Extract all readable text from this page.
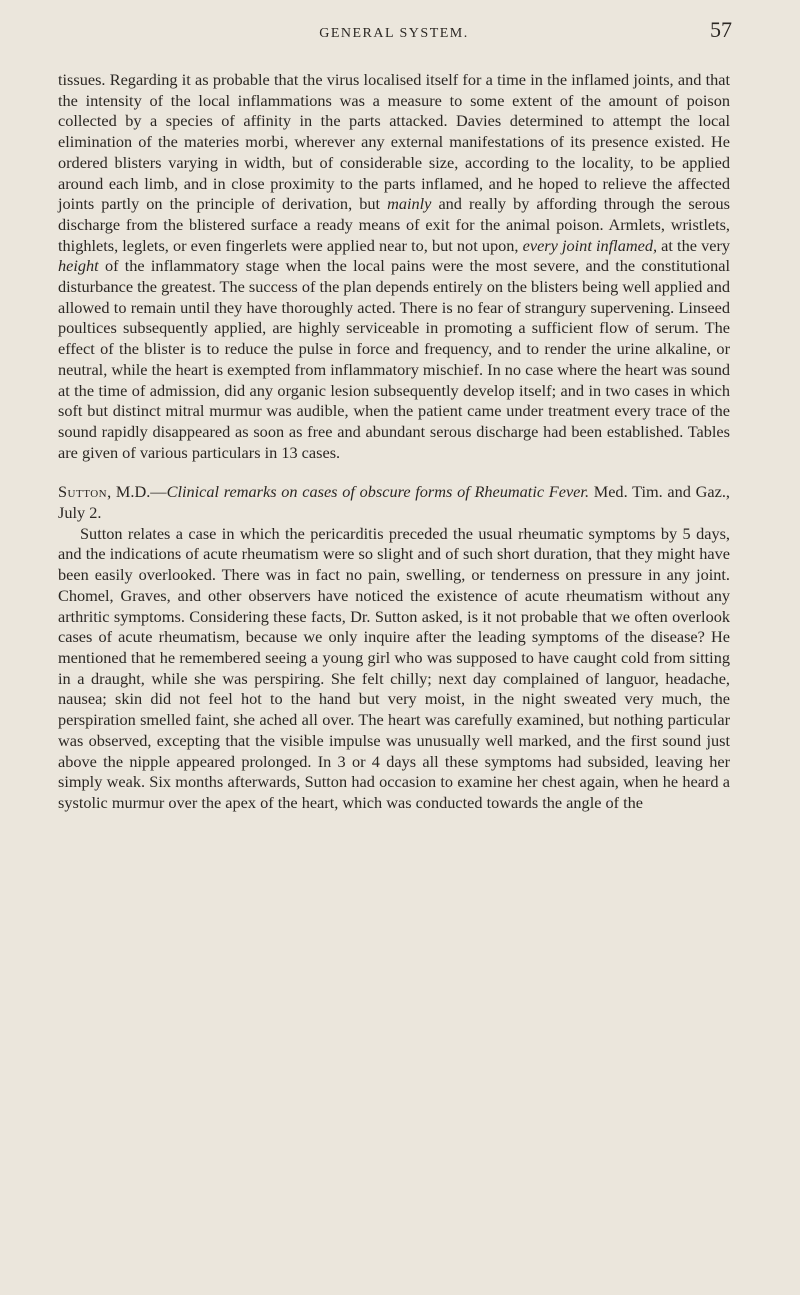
GENERAL SYSTEM.	57

tissues. Regarding it as probable that the virus localised itself for a time in the inflamed joints, and that the intensity of the local inflammations was a measure to some extent of the amount of poison collected by a species of affinity in the parts attacked. Davies determined to attempt the local elimination of the materies morbi, wherever any external manifestations of its presence existed. He ordered blisters varying in width, but of considerable size, according to the locality, to be applied around each limb, and in close proximity to the parts inflamed, and he hoped to relieve the affected joints partly on the principle of derivation, but mainly and really by affording through the serous discharge from the blistered surface a ready means of exit for the animal poison. Armlets, wristlets, thighlets, leglets, or even fingerlets were applied near to, but not upon, every joint inflamed, at the very height of the inflammatory stage when the local pains were the most severe, and the constitutional disturbance the greatest. The success of the plan depends entirely on the blisters being well applied and allowed to remain until they have thoroughly acted. There is no fear of strangury supervening. Linseed poultices subsequently applied, are highly serviceable in promoting a sufficient flow of serum. The effect of the blister is to reduce the pulse in force and frequency, and to render the urine alkaline, or neutral, while the heart is exempted from inflammatory mischief. In no case where the heart was sound at the time of admission, did any organic lesion subsequently develop itself; and in two cases in which soft but distinct mitral murmur was audible, when the patient came under treatment every trace of the sound rapidly disappeared as soon as free and abundant serous discharge had been established. Tables are given of various particulars in 13 cases.

Sutton, M.D.—Clinical remarks on cases of obscure forms of Rheumatic Fever. Med. Tim. and Gaz., July 2.

Sutton relates a case in which the pericarditis preceded the usual rheumatic symptoms by 5 days, and the indications of acute rheumatism were so slight and of such short duration, that they might have been easily overlooked. There was in fact no pain, swelling, or tenderness on pressure in any joint. Chomel, Graves, and other observers have noticed the existence of acute rheumatism without any arthritic symptoms. Considering these facts, Dr. Sutton asked, is it not probable that we often overlook cases of acute rheumatism, because we only inquire after the leading symptoms of the disease? He mentioned that he remembered seeing a young girl who was supposed to have caught cold from sitting in a draught, while she was perspiring. She felt chilly; next day complained of languor, headache, nausea; skin did not feel hot to the hand but very moist, in the night sweated very much, the perspiration smelled faint, she ached all over. The heart was carefully examined, but nothing particular was observed, excepting that the visible impulse was unusually well marked, and the first sound just above the nipple appeared prolonged. In 3 or 4 days all these symptoms had subsided, leaving her simply weak. Six months afterwards, Sutton had occasion to examine her chest again, when he heard a systolic murmur over the apex of the heart, which was conducted towards the angle of the
